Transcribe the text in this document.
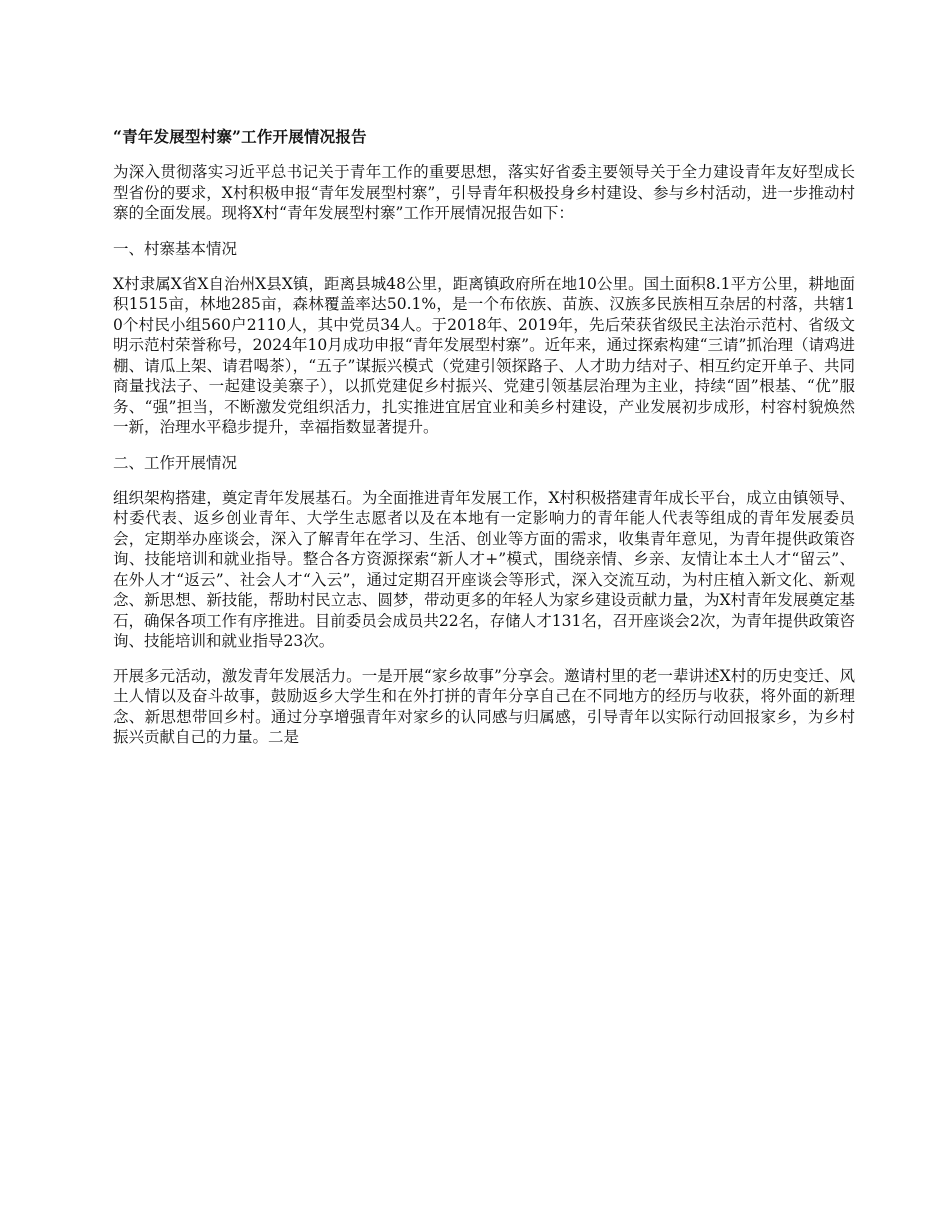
“青年发展型村寨”工作开展情况报告

为深入贯彻落实习近平总书记关于青年工作的重要思想，落实好省委主要领导关于全力建设青年友好型成长型省份的要求，X村积极申报“青年发展型村寨”，引导青年积极投身乡村建设、参与乡村活动，进一步推动村寨的全面发展。现将X村“青年发展型村寨”工作开展情况报告如下：

一、村寨基本情况

X村隶属X省X自治州X县X镇，距离县城48公里，距离镇政府所在地10公里。国土面积8.1平方公里，耕地面积1515亩，林地285亩，森林覆盖率达50.1%，是一个布依族、苗族、汉族多民族相互杂居的村落，共辖10个村民小组560户2110人，其中党员34人。于2018年、2019年，先后荣获省级民主法治示范村、省级文明示范村荣誉称号，2024年10月成功申报“青年发展型村寨”。近年来，通过探索构建“三请”抓治理（请鸡进棚、请瓜上架、请君喝茶），“五子”谋振兴模式（党建引领探路子、人才助力结对子、相互约定开单子、共同商量找法子、一起建设美寨子），以抓党建促乡村振兴、党建引领基层治理为主业，持续“固”根基、“优”服务、“强”担当，不断激发党组织活力，扎实推进宜居宜业和美乡村建设，产业发展初步成形，村容村貌焕然一新，治理水平稳步提升，幸福指数显著提升。

二、工作开展情况

组织架构搭建，奠定青年发展基石。为全面推进青年发展工作，X村积极搭建青年成长平台，成立由镇领导、村委代表、返乡创业青年、大学生志愿者以及在本地有一定影响力的青年能人代表等组成的青年发展委员会，定期举办座谈会，深入了解青年在学习、生活、创业等方面的需求，收集青年意见，为青年提供政策咨询、技能培训和就业指导。整合各方资源探索“新人才+”模式，围绕亲情、乡亲、友情让本土人才“留云”、在外人才“返云”、社会人才“入云”，通过定期召开座谈会等形式，深入交流互动，为村庄植入新文化、新观念、新思想、新技能，帮助村民立志、圆梦，带动更多的年轻人为家乡建设贡献力量，为X村青年发展奠定基石，确保各项工作有序推进。目前委员会成员共22名，存储人才131名，召开座谈会2次，为青年提供政策咨询、技能培训和就业指导23次。

开展多元活动，激发青年发展活力。一是开展“家乡故事”分享会。邀请村里的老一辈讲述X村的历史变迁、风土人情以及奋斗故事，鼓励返乡大学生和在外打拼的青年分享自己在不同地方的经历与收获，将外面的新理念、新思想带回乡村。通过分享增强青年对家乡的认同感与归属感，引导青年以实际行动回报家乡，为乡村振兴贡献自己的力量。二是
